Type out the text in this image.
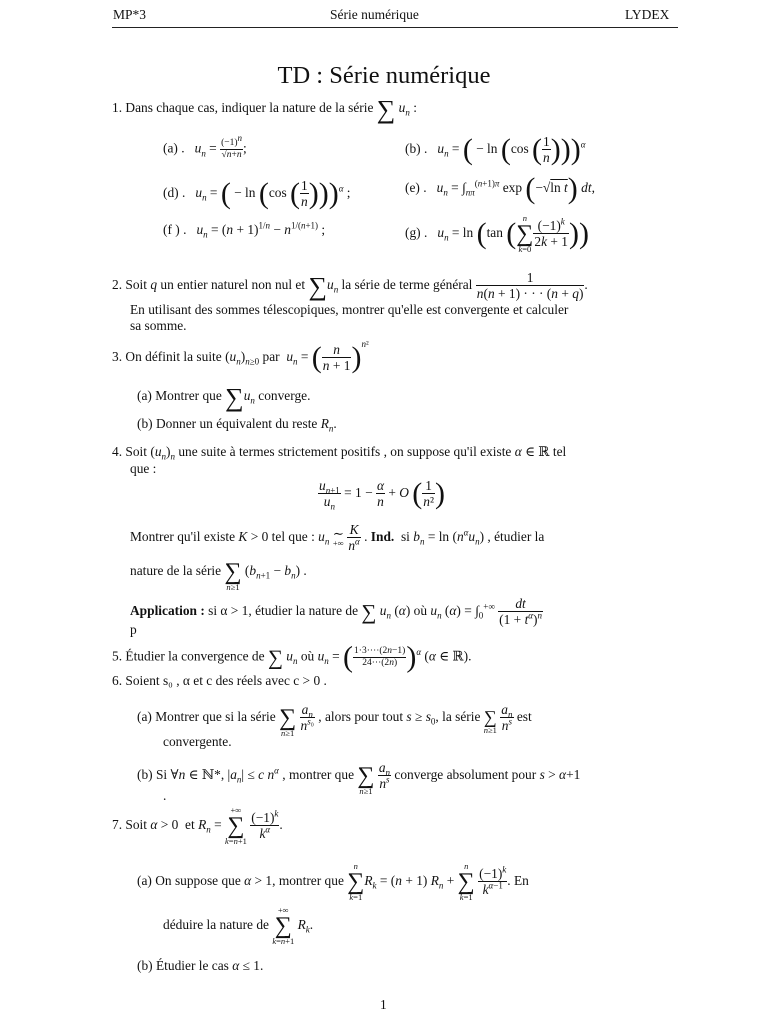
MP*3	Série numérique	LYDEX
TD : Série numérique
1. Dans chaque cas, indiquer la nature de la série ∑ $u_n$ :
(a) . $u_n = \frac{(-1)^n}{√n+n}$ ;	(b) . $u_n$ = ( − ln (cos ( $\frac{1}{n} )))^\alpha$
(d) . $u_n$ = ( − ln (cos ( $\frac{1}{n} )))^\alpha$ ;	(e) . $u_n = \int_{n\pi}^{(n+1)\pi}$ exp (−√ln t) dt,
(f ) . $u_n = (n + 1)^{1/n} - n^{1/(n+1)}$ ;	(g) . $u_n = \ln (\tan$ ( n
∑
$k=0 \frac{(-1)^k}{2k + 1}$ ))
2. Soit q un entier naturel non nul et $\sum u_n$ la série de terme général $\frac{1}{n(n + 1) \cdot \cdot \cdot (n + q)}$ .
En utilisant des sommes télescopiques, montrer qu'elle est convergente et calculer
sa somme.
3. On définit la suite $(u_n)_{n\ge 0}$ par $u_n$ = ( $\frac{n}{n + 1} )^{n^2}$
(a) Montrer que $\sum u_n$ converge.
(b) Donner un équivalent du reste $R_n$.
4. Soit $(u_n)_n$ une suite à termes strictement positifs , on suppose qu'il existe α ∈ ℝ tel
que :
$\frac{u_{n+1}}{u_n} = 1 - \frac{\alpha}{n} + O$ ( $\frac{1}{\text{n²}}$ )
Montrer qu'il existe K > 0 tel que : $u_n$
∼
+∞
$\frac{K}{n^\alpha}$ . Ind. si $b_n = \ln (n^\alpha u_n)$ , étudier la
nature de la série
∑
n≥1
$(b_{n+1} - b_n)$ .
Application : si α > 1, étudier la nature de ∑ $u_n$ (α) où $u_n$ $(\alpha) = \int_0^{+\infty} \frac{dt}{(1 + t^\alpha)^n}$
p
5. Étudier la convergence de ∑ $u_n$ où $u_n$ = ( $\frac{1\cdot 3\cdot\cdots(2n-1)}{24\cdots(2n)} )^\alpha$ (α ∈ ℝ).
6. Soient s₀ , α et c des réels avec c > 0 .
(a) Montrer que si la série
∑
n≥1
$\frac{a_n}{n^{s_0}}$ , alors pour tout $s \ge s_0$, la série
∑
n≥1
$\frac{a_n}{n^s}$ est
convergente.
(b) Si ∀n ∈ ℕ*, $|a_n| \le c$ $n^\alpha$ , montrer que
∑
n≥1
$\frac{a_n}{n^s}$ converge absolument pour s > α+1
.
7. Soit α > 0  et $R_n$ =
+∞
∑
k=n+1
$\frac{(-1)^k}{k^\alpha}$ .
(a) On suppose que α > 1, montrer que
n
∑
k=1
$R_k = (n + 1) R_n$ +
n
∑
k=1
$\frac{(-1)^k}{k^{\alpha-1}}$ . En
déduire la nature de
+∞
∑
k=n+1
$R_k$.
(b) Étudier le cas α ≤ 1.
1
